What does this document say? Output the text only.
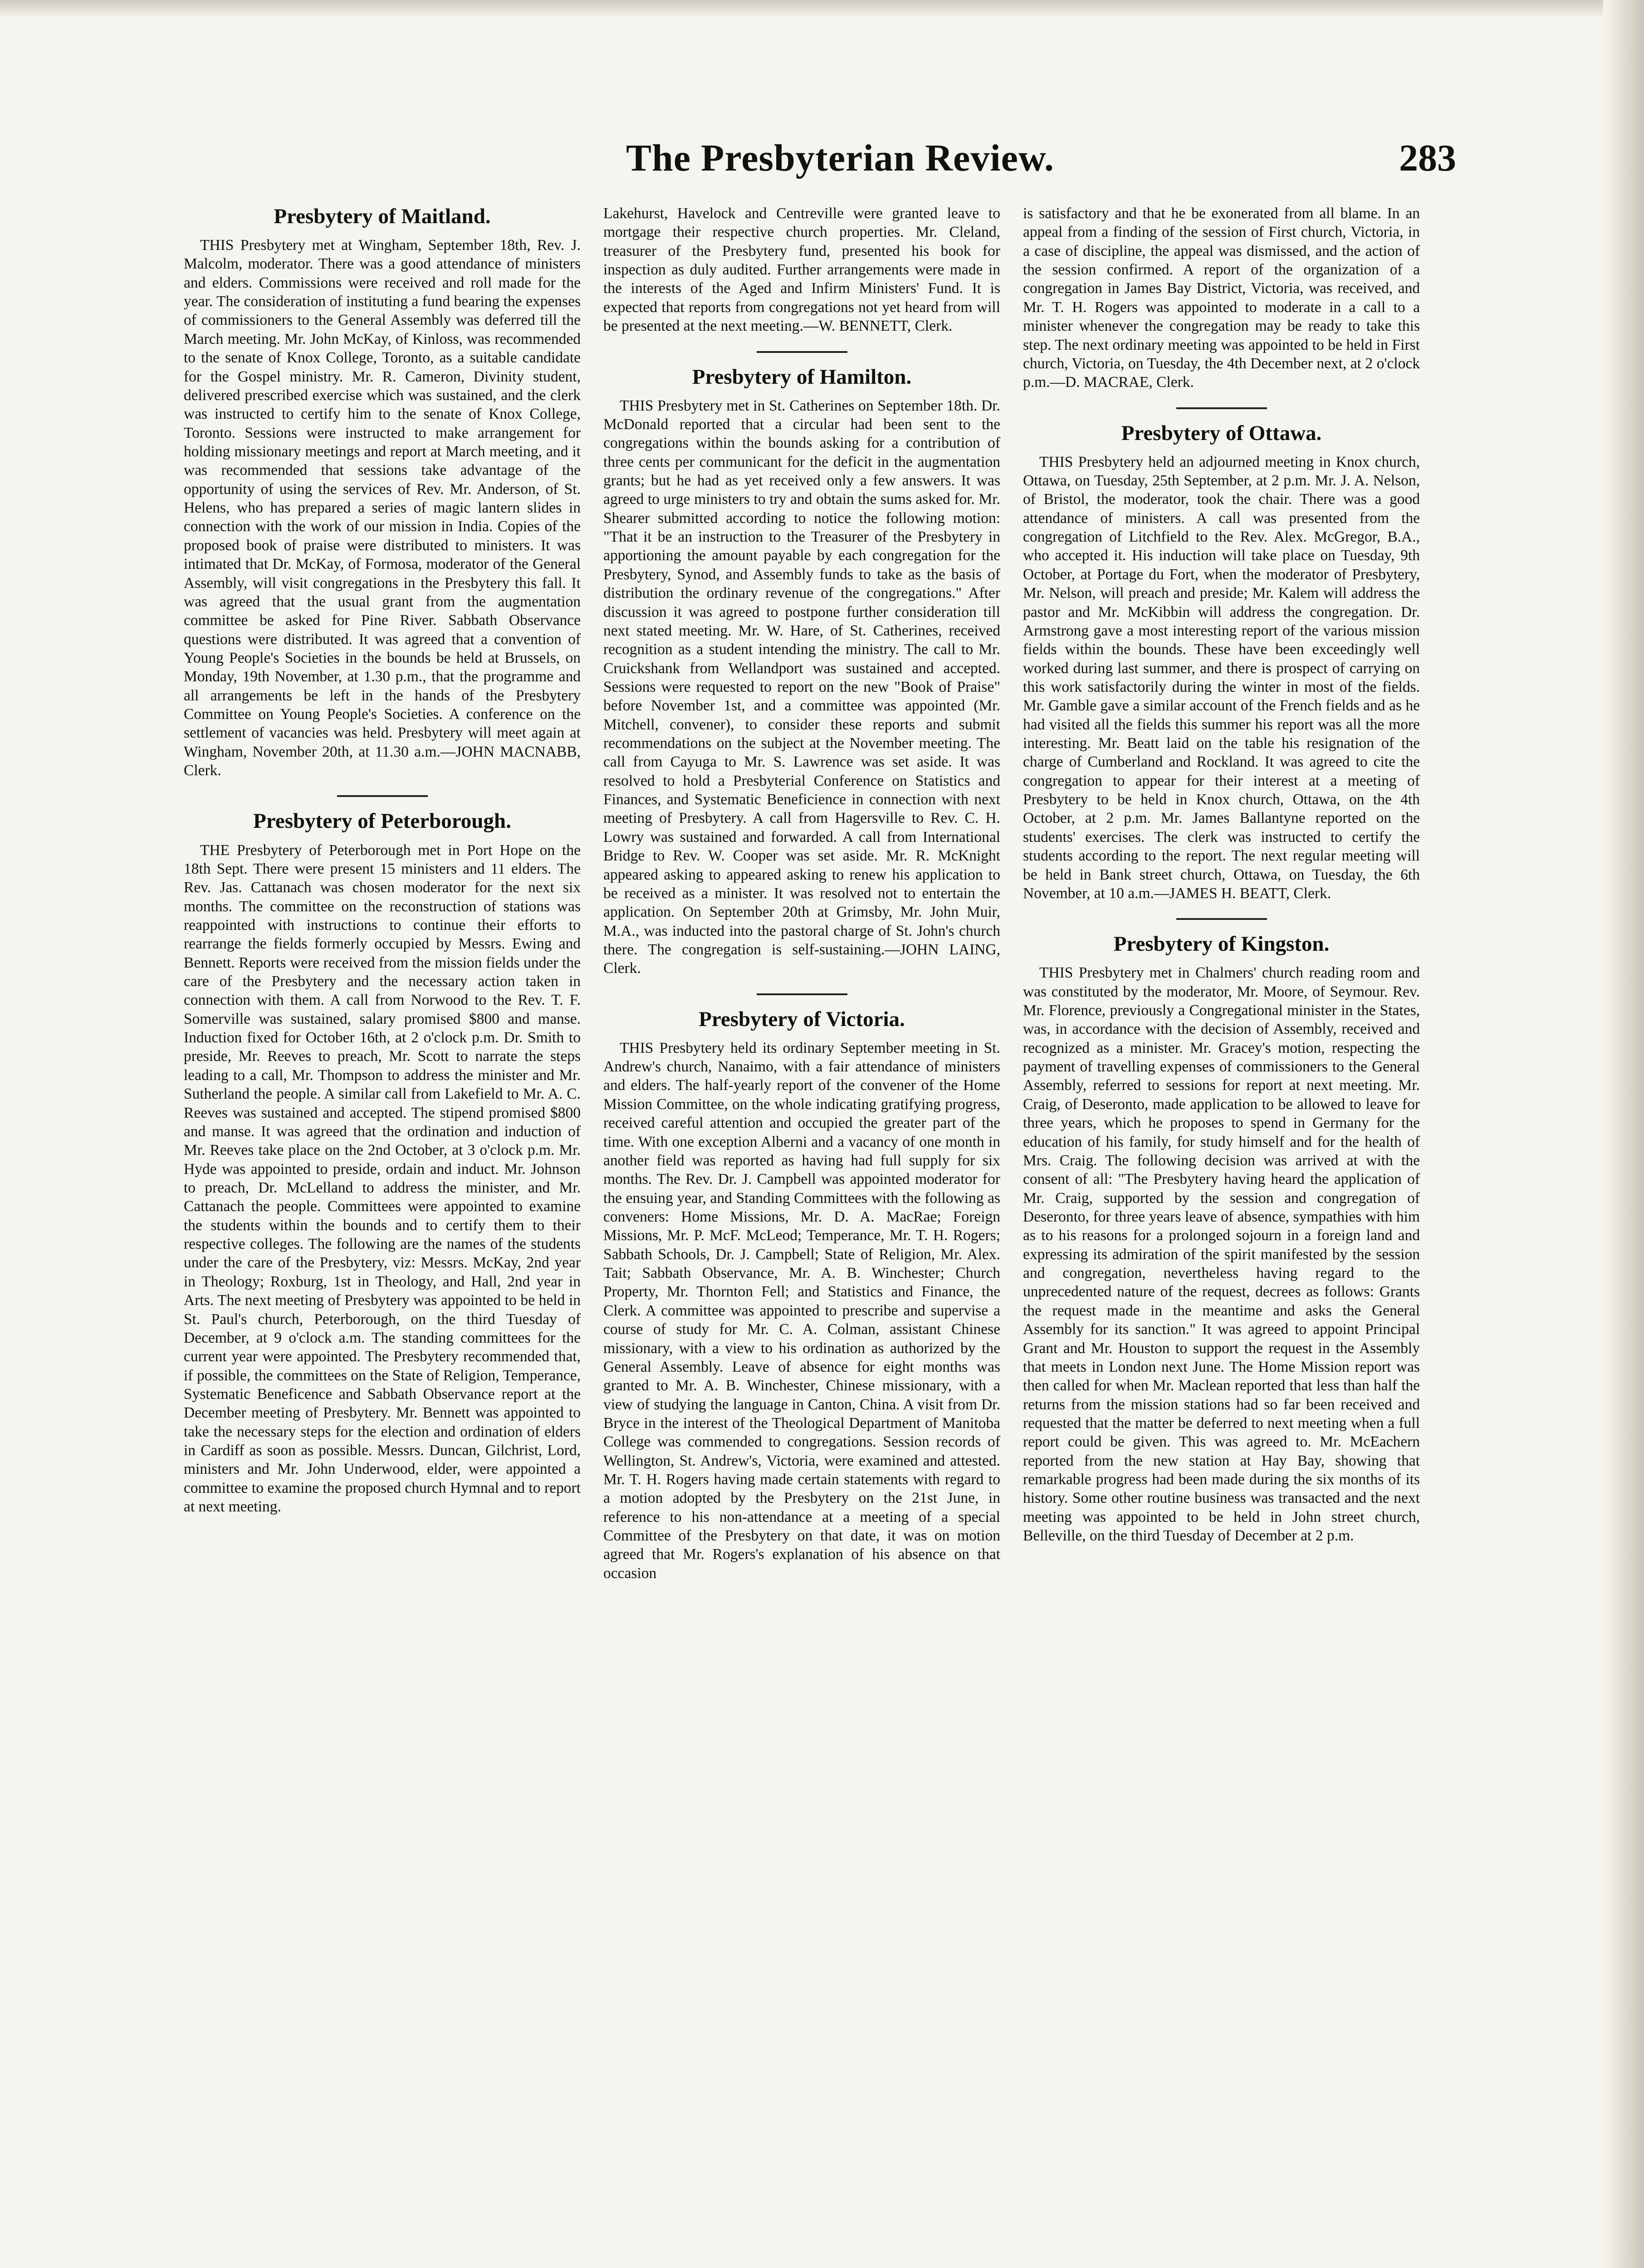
The Presbyterian Review.	283
Presbytery of Maitland.

THIS Presbytery met at Wingham, September 18th, Rev. J. Malcolm, moderator. There was a good attendance of ministers and elders. Commissions were received and roll made for the year. The consideration of instituting a fund bearing the expenses of commissioners to the General Assembly was deferred till the March meeting. Mr. John McKay, of Kinloss, was recommended to the senate of Knox College, Toronto, as a suitable candidate for the Gospel ministry. Mr. R. Cameron, Divinity student, delivered prescribed exercise which was sustained, and the clerk was instructed to certify him to the senate of Knox College, Toronto. Sessions were instructed to make arrangement for holding missionary meetings and report at March meeting, and it was recommended that sessions take advantage of the opportunity of using the services of Rev. Mr. Anderson, of St. Helens, who has prepared a series of magic lantern slides in connection with the work of our mission in India. Copies of the proposed book of praise were distributed to ministers. It was intimated that Dr. McKay, of Formosa, moderator of the General Assembly, will visit congregations in the Presbytery this fall. It was agreed that the usual grant from the augmentation committee be asked for Pine River. Sabbath Observance questions were distributed. It was agreed that a convention of Young People's Societies in the bounds be held at Brussels, on Monday, 19th November, at 1.30 p.m., that the programme and all arrangements be left in the hands of the Presbytery Committee on Young People's Societies. A conference on the settlement of vacancies was held. Presbytery will meet again at Wingham, November 20th, at 11.30 a.m.—JOHN MACNABB, Clerk.

Presbytery of Peterborough.

THE Presbytery of Peterborough met in Port Hope on the 18th Sept. There were present 15 ministers and 11 elders. The Rev. Jas. Cattanach was chosen moderator for the next six months. The committee on the reconstruction of stations was reappointed with instructions to continue their efforts to rearrange the fields formerly occupied by Messrs. Ewing and Bennett. Reports were received from the mission fields under the care of the Presbytery and the necessary action taken in connection with them. A call from Norwood to the Rev. T. F. Somerville was sustained, salary promised $800 and manse. Induction fixed for October 16th, at 2 o'clock p.m. Dr. Smith to preside, Mr. Reeves to preach, Mr. Scott to narrate the steps leading to a call, Mr. Thompson to address the minister and Mr. Sutherland the people. A similar call from Lakefield to Mr. A. C. Reeves was sustained and accepted. The stipend promised $800 and manse. It was agreed that the ordination and induction of Mr. Reeves take place on the 2nd October, at 3 o'clock p.m. Mr. Hyde was appointed to preside, ordain and induct. Mr. Johnson to preach, Dr. McLelland to address the minister, and Mr. Cattanach the people. Committees were appointed to examine the students within the bounds and to certify them to their respective colleges. The following are the names of the students under the care of the Presbytery, viz: Messrs. McKay, 2nd year in Theology; Roxburg, 1st in Theology, and Hall, 2nd year in Arts. The next meeting of Presbytery was appointed to be held in St. Paul's church, Peterborough, on the third Tuesday of December, at 9 o'clock a.m. The standing committees for the current year were appointed. The Presbytery recommended that, if possible, the committees on the State of Religion, Temperance, Systematic Beneficence and Sabbath Observance report at the December meeting of Presbytery. Mr. Bennett was appointed to take the necessary steps for the election and ordination of elders in Cardiff as soon as possible. Messrs. Duncan, Gilchrist, Lord, ministers and Mr. John Underwood, elder, were appointed a committee to examine the proposed church Hymnal and to report at next meeting.

Lakehurst, Havelock and Centreville were granted leave to mortgage their respective church properties. Mr. Cleland, treasurer of the Presbytery fund, presented his book for inspection as duly audited. Further arrangements were made in the interests of the Aged and Infirm Ministers' Fund. It is expected that reports from congregations not yet heard from will be presented at the next meeting.—W. BENNETT, Clerk.

Presbytery of Hamilton.

THIS Presbytery met in St. Catherines on September 18th. Dr. McDonald reported that a circular had been sent to the congregations within the bounds asking for a contribution of three cents per communicant for the deficit in the augmentation grants; but he had as yet received only a few answers. It was agreed to urge ministers to try and obtain the sums asked for. Mr. Shearer submitted according to notice the following motion: "That it be an instruction to the Treasurer of the Presbytery in apportioning the amount payable by each congregation for the Presbytery, Synod, and Assembly funds to take as the basis of distribution the ordinary revenue of the congregations." After discussion it was agreed to postpone further consideration till next stated meeting. Mr. W. Hare, of St. Catherines, received recognition as a student intending the ministry. The call to Mr. Cruickshank from Wellandport was sustained and accepted. Sessions were requested to report on the new "Book of Praise" before November 1st, and a committee was appointed (Mr. Mitchell, convener), to consider these reports and submit recommendations on the subject at the November meeting. The call from Cayuga to Mr. S. Lawrence was set aside. It was resolved to hold a Presbyterial Conference on Statistics and Finances, and Systematic Beneficience in connection with next meeting of Presbytery. A call from Hagersville to Rev. C. H. Lowry was sustained and forwarded. A call from International Bridge to Rev. W. Cooper was set aside. Mr. R. McKnight appeared asking to appeared asking to renew his application to be received as a minister. It was resolved not to entertain the application. On September 20th at Grimsby, Mr. John Muir, M.A., was inducted into the pastoral charge of St. John's church there. The congregation is self-sustaining.—JOHN LAING, Clerk.

Presbytery of Victoria.

THIS Presbytery held its ordinary September meeting in St. Andrew's church, Nanaimo, with a fair attendance of ministers and elders. The half-yearly report of the convener of the Home Mission Committee, on the whole indicating gratifying progress, received careful attention and occupied the greater part of the time. With one exception Alberni and a vacancy of one month in another field was reported as having had full supply for six months. The Rev. Dr. J. Campbell was appointed moderator for the ensuing year, and Standing Committees with the following as conveners: Home Missions, Mr. D. A. MacRae; Foreign Missions, Mr. P. McF. McLeod; Temperance, Mr. T. H. Rogers; Sabbath Schools, Dr. J. Campbell; State of Religion, Mr. Alex. Tait; Sabbath Observance, Mr. A. B. Winchester; Church Property, Mr. Thornton Fell; and Statistics and Finance, the Clerk. A committee was appointed to prescribe and supervise a course of study for Mr. C. A. Colman, assistant Chinese missionary, with a view to his ordination as authorized by the General Assembly. Leave of absence for eight months was granted to Mr. A. B. Winchester, Chinese missionary, with a view of studying the language in Canton, China. A visit from Dr. Bryce in the interest of the Theological Department of Manitoba College was commended to congregations. Session records of Wellington, St. Andrew's, Victoria, were examined and attested. Mr. T. H. Rogers having made certain statements with regard to a motion adopted by the Presbytery on the 21st June, in reference to his non-attendance at a meeting of a special Committee of the Presbytery on that date, it was on motion agreed that Mr. Rogers's explanation of his absence on that occasion

is satisfactory and that he be exonerated from all blame. In an appeal from a finding of the session of First church, Victoria, in a case of discipline, the appeal was dismissed, and the action of the session confirmed. A report of the organization of a congregation in James Bay District, Victoria, was received, and Mr. T. H. Rogers was appointed to moderate in a call to a minister whenever the congregation may be ready to take this step. The next ordinary meeting was appointed to be held in First church, Victoria, on Tuesday, the 4th December next, at 2 o'clock p.m.—D. MACRAE, Clerk.

Presbytery of Ottawa.

THIS Presbytery held an adjourned meeting in Knox church, Ottawa, on Tuesday, 25th September, at 2 p.m. Mr. J. A. Nelson, of Bristol, the moderator, took the chair. There was a good attendance of ministers. A call was presented from the congregation of Litchfield to the Rev. Alex. McGregor, B.A., who accepted it. His induction will take place on Tuesday, 9th October, at Portage du Fort, when the moderator of Presbytery, Mr. Nelson, will preach and preside; Mr. Kalem will address the pastor and Mr. McKibbin will address the congregation. Dr. Armstrong gave a most interesting report of the various mission fields within the bounds. These have been exceedingly well worked during last summer, and there is prospect of carrying on this work satisfactorily during the winter in most of the fields. Mr. Gamble gave a similar account of the French fields and as he had visited all the fields this summer his report was all the more interesting. Mr. Beatt laid on the table his resignation of the charge of Cumberland and Rockland. It was agreed to cite the congregation to appear for their interest at a meeting of Presbytery to be held in Knox church, Ottawa, on the 4th October, at 2 p.m. Mr. James Ballantyne reported on the students' exercises. The clerk was instructed to certify the students according to the report. The next regular meeting will be held in Bank street church, Ottawa, on Tuesday, the 6th November, at 10 a.m.—JAMES H. BEATT, Clerk.

Presbytery of Kingston.

THIS Presbytery met in Chalmers' church reading room and was constituted by the moderator, Mr. Moore, of Seymour. Rev. Mr. Florence, previously a Congregational minister in the States, was, in accordance with the decision of Assembly, received and recognized as a minister. Mr. Gracey's motion, respecting the payment of travelling expenses of commissioners to the General Assembly, referred to sessions for report at next meeting. Mr. Craig, of Deseronto, made application to be allowed to leave for three years, which he proposes to spend in Germany for the education of his family, for study himself and for the health of Mrs. Craig. The following decision was arrived at with the consent of all: "The Presbytery having heard the application of Mr. Craig, supported by the session and congregation of Deseronto, for three years leave of absence, sympathies with him as to his reasons for a prolonged sojourn in a foreign land and expressing its admiration of the spirit manifested by the session and congregation, nevertheless having regard to the unprecedented nature of the request, decrees as follows: Grants the request made in the meantime and asks the General Assembly for its sanction." It was agreed to appoint Principal Grant and Mr. Houston to support the request in the Assembly that meets in London next June. The Home Mission report was then called for when Mr. Maclean reported that less than half the returns from the mission stations had so far been received and requested that the matter be deferred to next meeting when a full report could be given. This was agreed to. Mr. McEachern reported from the new station at Hay Bay, showing that remarkable progress had been made during the six months of its history. Some other routine business was transacted and the next meeting was appointed to be held in John street church, Belleville, on the third Tuesday of December at 2 p.m.
